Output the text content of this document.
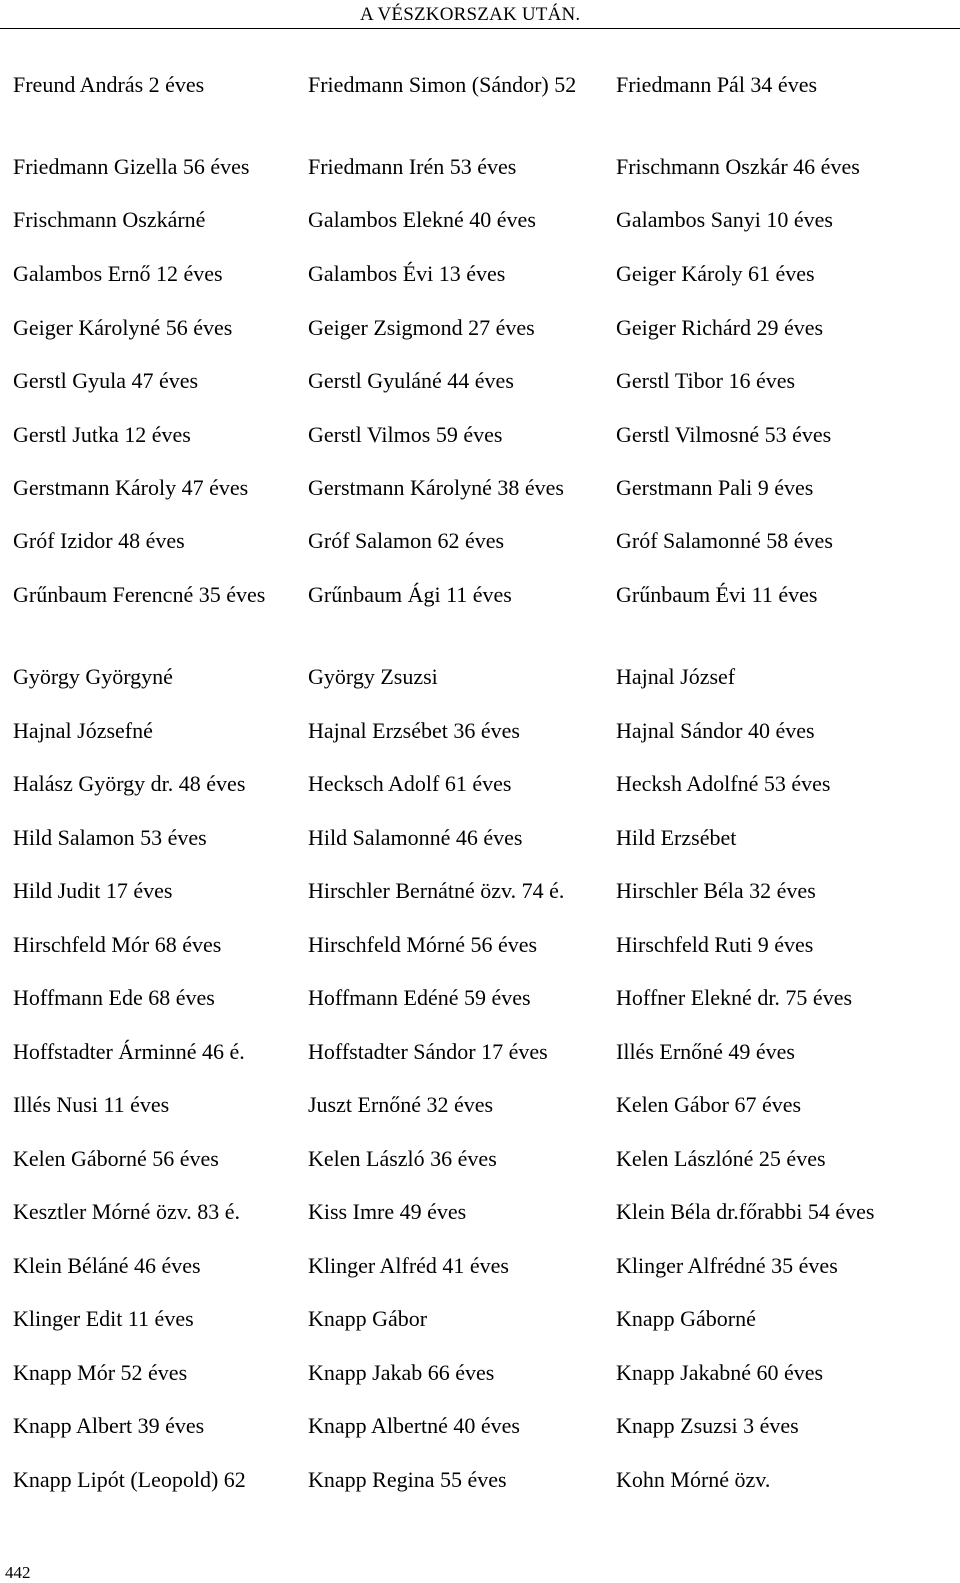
A VÉSZKORSZAK UTÁN.
Freund András 2 éves	Friedmann Simon (Sándor) 52	Friedmann Pál 34 éves
Friedmann Gizella 56 éves	Friedmann Irén 53 éves	Frischmann Oszkár 46 éves
Frischmann Oszkárné	Galambos Elekné 40 éves	Galambos Sanyi 10 éves
Galambos Ernő 12 éves	Galambos Évi 13 éves	Geiger Károly 61 éves
Geiger Károlyné 56 éves	Geiger Zsigmond 27 éves	Geiger Richárd 29 éves
Gerstl Gyula 47 éves	Gerstl Gyuláné 44 éves	Gerstl Tibor 16 éves
Gerstl Jutka 12 éves	Gerstl Vilmos 59 éves	Gerstl Vilmosné 53 éves
Gerstmann Károly 47 éves	Gerstmann Károlyné 38 éves	Gerstmann Pali 9 éves
Gróf Izidor 48 éves	Gróf Salamon 62 éves	Gróf Salamonné 58 éves
Grűnbaum Ferencné 35 éves	Grűnbaum Ági 11 éves	Grűnbaum Évi 11 éves
György Györgyné	György Zsuzsi	Hajnal József
Hajnal Józsefné	Hajnal Erzsébet 36 éves	Hajnal Sándor 40 éves
Halász György dr. 48 éves	Hecksch Adolf 61 éves	Hecksh Adolfné 53 éves
Hild Salamon 53 éves	Hild Salamonné 46 éves	Hild Erzsébet
Hild Judit 17 éves	Hirschler Bernátné özv. 74 é.	Hirschler Béla 32 éves
Hirschfeld Mór 68 éves	Hirschfeld Mórné 56 éves	Hirschfeld Ruti 9 éves
Hoffmann Ede 68 éves	Hoffmann Edéné 59 éves	Hoffner Elekné dr. 75 éves
Hoffstadter Árminné 46 é.	Hoffstadter Sándor 17 éves	Illés Ernőné 49 éves
Illés Nusi 11 éves	Juszt Ernőné 32 éves	Kelen Gábor 67 éves
Kelen Gáborné 56 éves	Kelen László 36 éves	Kelen Lászlóné 25 éves
Kesztler Mórné özv. 83 é.	Kiss Imre 49 éves	Klein Béla dr.főrabbi 54 éves
Klein Béláné 46 éves	Klinger Alfréd 41 éves	Klinger Alfrédné 35 éves
Klinger Edit 11 éves	Knapp Gábor	Knapp Gáborné
Knapp Mór 52 éves	Knapp Jakab 66 éves	Knapp Jakabné 60 éves
Knapp Albert 39 éves	Knapp Albertné 40 éves	Knapp Zsuzsi 3 éves
Knapp Lipót (Leopold) 62	Knapp Regina 55 éves	Kohn Mórné özv.
442
